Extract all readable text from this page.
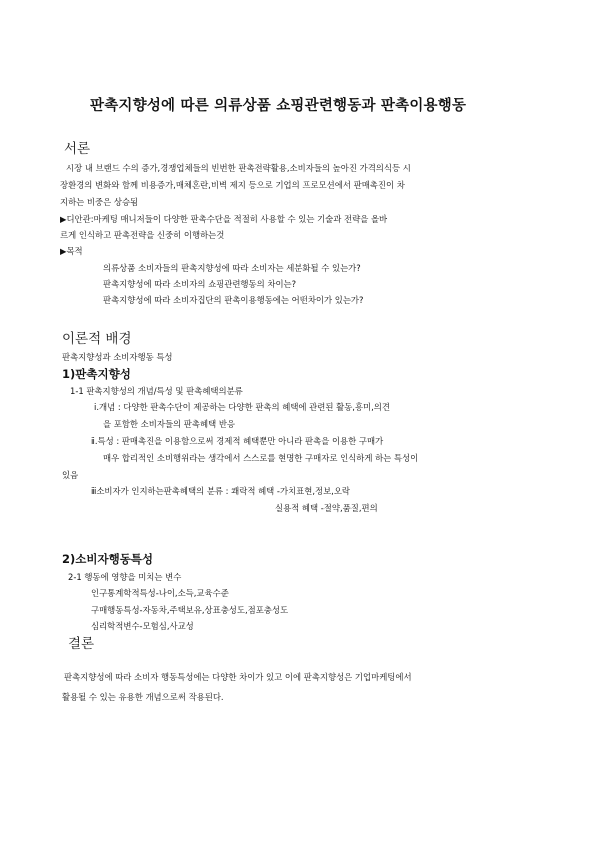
판촉지향성에 따른 의류상품 쇼핑관련행동과 판촉이용행동
서론
시장 내 브랜드 수의 증가,경쟁업체들의 빈번한 판촉전략활용,소비자들의 높아진 가격의식등 시
장환경의 변화와 함께 비용증가,매체혼란,비벽 제지 등으로 기업의 프로모션에서 판매촉진이 차
지하는 비중은 상승됨
▶디안관:마케팅 매니저들이 다양한 판촉수단을 적절히 사용할 수 있는 기술과 전략을 올바
르게 인식하고 판촉전략을 신중히 이행하는것
▶목적
의류상품 소비자들의 판촉지향성에 따라 소비자는 세분화될 수 있는가?
판촉지향성에 따라 소비자의 쇼핑관련행동의 차이는?
판촉지향성에 따라 소비자집단의 판촉이용행동에는 어떤차이가 있는가?
이론적 배경
판촉지향성과 소비자행동 특성
1)판촉지향성
1-1 판촉지향성의 개념/특성 및 판촉혜택의분류
ⅰ.개념 : 다양한 판촉수단이 제공하는 다양한 판촉의 혜택에 관련된 활동,흥미,의견
을 포함한 소비자들의 판촉혜택 반응
ⅱ.특성 : 판매촉진을 이용함으로써 경제적 혜택뿐만 아니라 판촉을 이용한 구매가
매우 합리적인 소비행위라는 생각에서 스스로를 현명한 구매자로 인식하게 하는 특성이
있음
ⅲ소비자가 인지하는판촉혜택의 분류 : 쾌락적 혜택 -가치표현,정보,오락
실용적 혜택 -절약,품질,편의
2)소비자행동특성
2-1 행동에 영향을 미치는 변수
인구통계학적특성-나이,소득,교육수준
구매행동특성-자동차,주택보유,상표충성도,점포충성도
심리학적변수-모험심,사교성
결론
판촉지향성에 따라 소비자 행동특성에는 다양한 차이가 있고 이에 판촉지향성은 기업마케팅에서
활용될 수 있는 유용한 개념으로써 작용된다.
